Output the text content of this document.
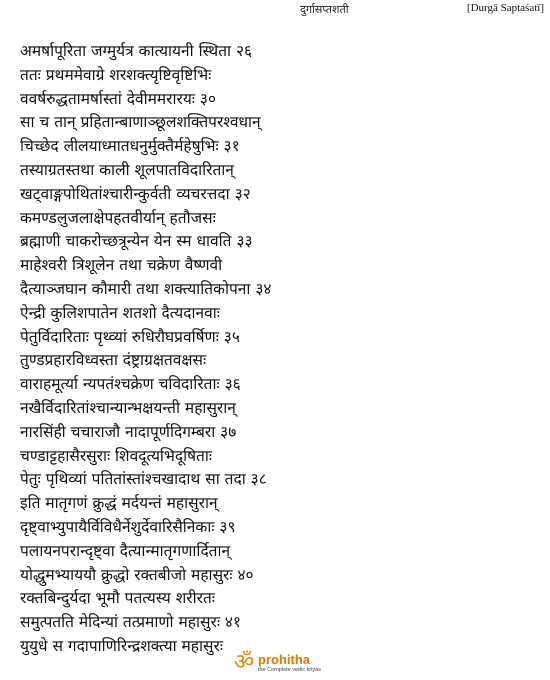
दुर्गासप्तशती	[Durgā Saptaśatī]
अमर्षापूरिता जग्मुर्यत्र कात्यायनी स्थिता २६
ततः प्रथममेवाग्रे शरशक्त्यृष्टिवृष्टिभिः
ववर्षरुद्धतामर्षास्तां देवीममरारयः ३०
सा च तान् प्रहितान्बाणाञ्छूलशक्तिपरश्वधान्
चिच्छेद लीलयाध्मातधनुर्मुक्तैर्महेषुभिः ३१
तस्याग्रतस्तथा काली शूलपातविदारितान्
खट्वाङ्गपोथितांश्चारीन्कुर्वती व्यचरत्तदा ३२
कमण्डलुजलाक्षेपहतवीर्यान् हतौजसः
ब्रह्माणी चाकरोच्छत्रून्येन येन स्म धावति ३३
माहेश्वरी त्रिशूलेन तथा चक्रेण वैष्णवी
दैत्याञ्जघान कौमारी तथा शक्त्यातिकोपना ३४
ऐन्द्री कुलिशपातेन शतशो दैत्यदानवाः
पेतुर्विदारिताः पृथ्व्यां रुधिरौघप्रवर्षिणः ३५
तुण्डप्रहारविध्वस्ता दंष्ट्राग्रक्षतवक्षसः
वाराहमूर्त्या न्यपतंश्चक्रेण चविदारिताः ३६
नखैर्विदारितांश्चान्यान्भक्षयन्ती महासुरान्
नारसिंही चचाराजौ नादापूर्णदिगम्बरा ३७
चण्डाट्टहासैरसुराः शिवदूत्यभिदूषिताः
पेतुः पृथिव्यां पतितांस्तांश्चखादाथ सा तदा ३८
इति मातृगणं क्रुद्धं मर्दयन्तं महासुरान्
दृष्ट्वाभ्युपायैर्विविधैर्नेशुर्देवारिसैनिकाः ३९
पलायनपरान्दृष्ट्वा दैत्यान्मातृगणार्दितान्
योद्धुमभ्याययौ क्रुद्धो रक्तबीजो महासुरः ४०
रक्तबिन्दुर्यदा भूमौ पतत्यस्य शरीरतः
समुत्पतति मेदिन्यां तत्प्रमाणो महासुरः ४१
युयुधे स गदापाणिरिन्द्रशक्त्या महासुरः
ॐ prohitha
the Complete vedic kriyas
